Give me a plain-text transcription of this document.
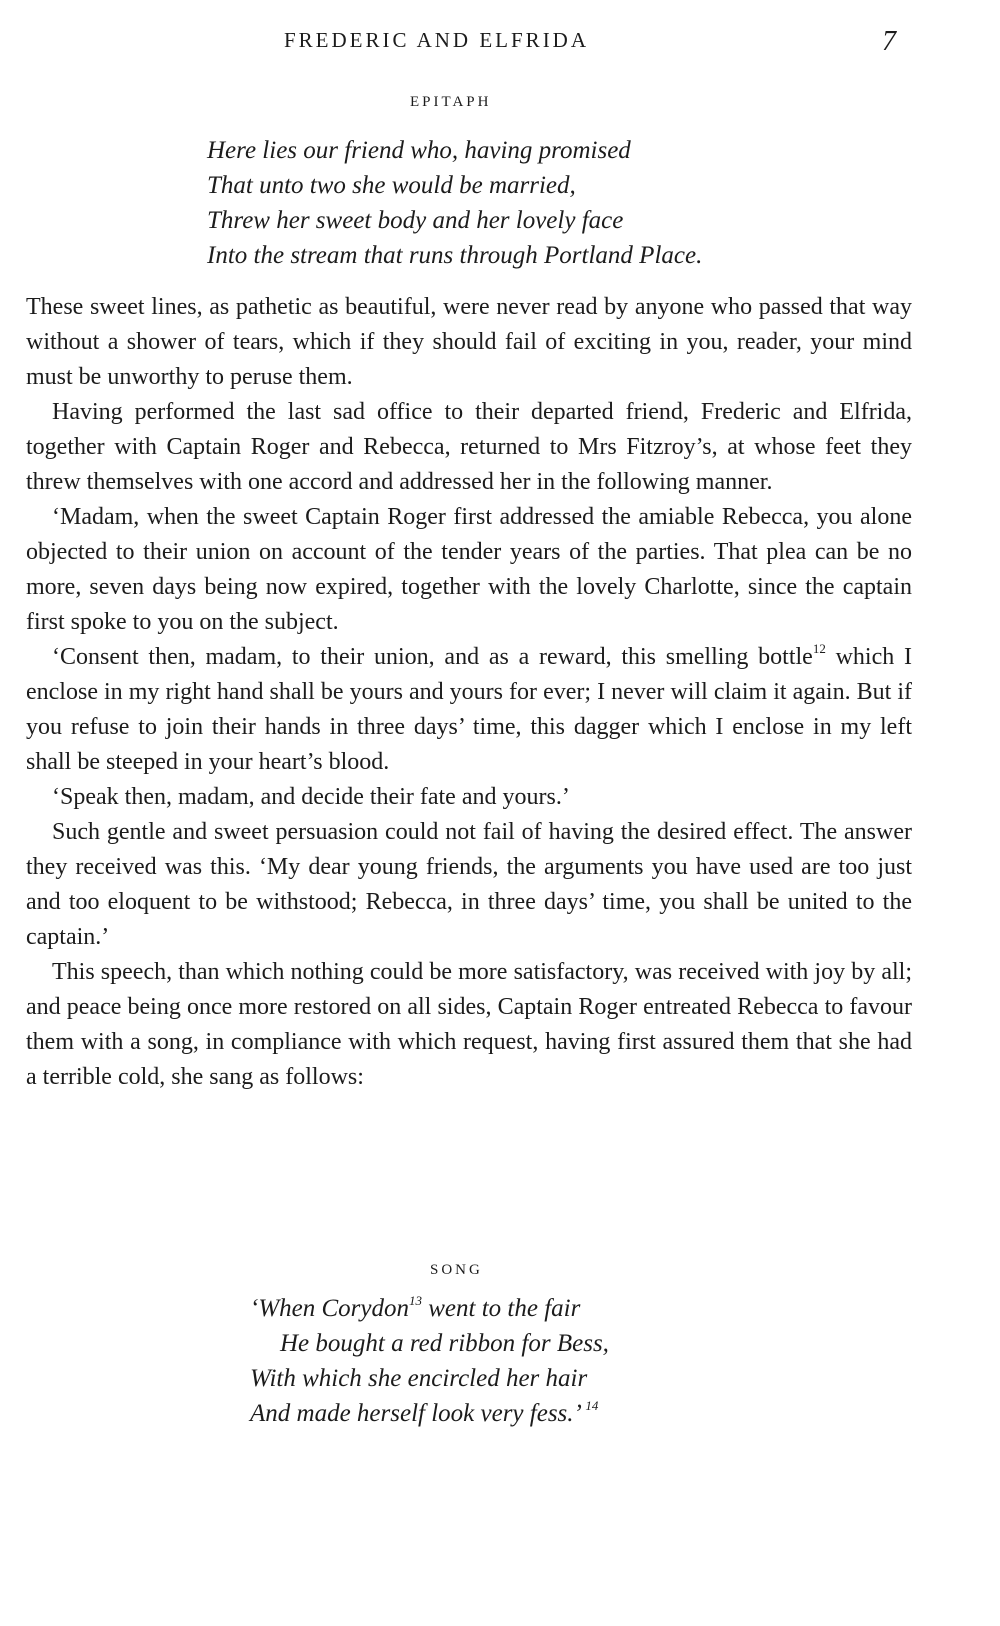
FREDERIC AND ELFRIDA	7
EPITAPH
Here lies our friend who, having promised
That unto two she would be married,
Threw her sweet body and her lovely face
Into the stream that runs through Portland Place.

These sweet lines, as pathetic as beautiful, were never read by anyone who passed that way without a shower of tears, which if they should fail of exciting in you, reader, your mind must be unworthy to peruse them.

Having performed the last sad office to their departed friend, Frederic and Elfrida, together with Captain Roger and Rebecca, returned to Mrs Fitzroy’s, at whose feet they threw themselves with one accord and addressed her in the following manner.

‘Madam, when the sweet Captain Roger first addressed the amiable Rebecca, you alone objected to their union on account of the tender years of the parties. That plea can be no more, seven days being now expired, together with the lovely Charlotte, since the captain first spoke to you on the subject.

‘Consent then, madam, to their union, and as a reward, this smelling bottle$^{12}$ which I enclose in my right hand shall be yours and yours for ever; I never will claim it again. But if you refuse to join their hands in three days’ time, this dagger which I enclose in my left shall be steeped in your heart’s blood.

‘Speak then, madam, and decide their fate and yours.’

Such gentle and sweet persuasion could not fail of having the desired effect. The answer they received was this. ‘My dear young friends, the arguments you have used are too just and too eloquent to be withstood; Rebecca, in three days’ time, you shall be united to the captain.’

This speech, than which nothing could be more satisfactory, was received with joy by all; and peace being once more restored on all sides, Captain Roger entreated Rebecca to favour them with a song, in compliance with which request, having first assured them that she had a terrible cold, she sang as follows:

SONG
‘When Corydon$^{13}$ went to the fair
He bought a red ribbon for Bess,
With which she encircled her hair
And made herself look very fess.’ $^{14}$
